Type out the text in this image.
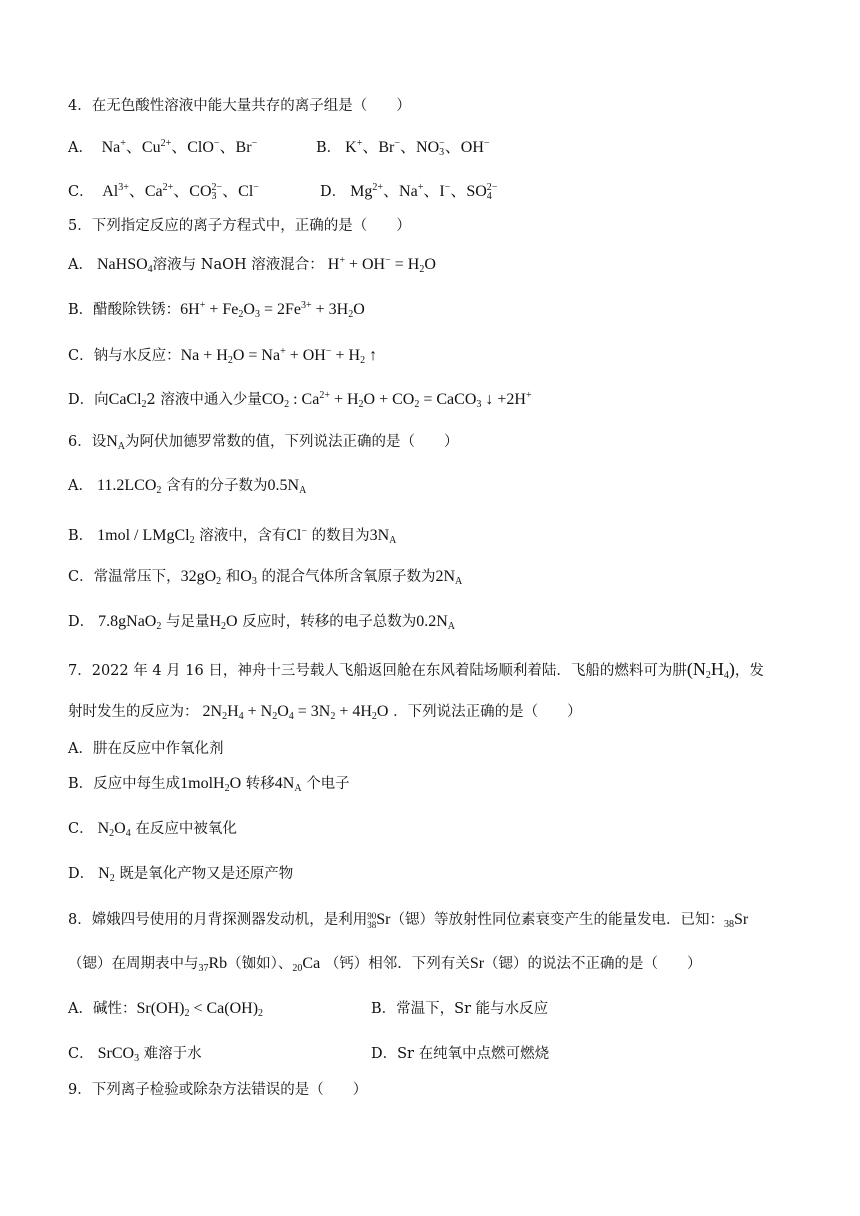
4．在无色酸性溶液中能大量共存的离子组是（　　）
A．  Na+、$Cu^{2+}$、ClO−、Br−	B． K+、Br−、$NO_3^-$、OH−
C．  $Al^{3+}$、$Ca^{2+}$、$CO_3^{2-}$、Cl−	D． $Mg^{2+}$、Na+、I−、$SO_4^{2-}$
5．下列指定反应的离子方程式中，正确的是（　　）
A． NaHSO$_4$溶液与 NaOH 溶液混合： $H^+ + OH^- = H_2O$
B．醋酸除铁锈：$6H^+ + Fe_2O_3 = 2Fe^{3+} + 3H_2O$
C．钠与水反应：$Na + H_2O = Na^+ + OH^- + H_2$ ↑
D．向CaCl$_2$2 溶液中通入少量$CO_2$ : $Ca^{2+} + H_2O + CO_2$ = CaCO$_3$ ↓ +2H+
6．设$N_A$为阿伏加德罗常数的值，下列说法正确的是（　　）
A． $11.2LCO_2$ 含有的分子数为$0.5N_A$
B． 1mol / LMgCl$_2$ 溶液中，含有Cl− 的数目为$3N_A$
C．常温常压下，$32gO_2$ 和$O_3$ 的混合气体所含氧原子数为$2N_A$
D． 7.8gNaO$_2$ 与足量$H_2O$ 反应时，转移的电子总数为$0.2N_A$
7．2022 年 4 月 16 日，神舟十三号载人飞船返回舱在东风着陆场顺利着陆．飞船的燃料可为肼$(N_2H_4)$，发
射时发生的反应为： $2N_2H_4 + N_2O_4 = 3N_2 + 4H_2O$ ．下列说法正确的是（　　）
A．肼在反应中作氧化剂
B．反应中每生成1molH$_2$O 转移$4N_A$ 个电子
C． $N_2O_4$ 在反应中被氧化
D． $N_2$ 既是氧化产物又是还原产物
8．嫦娥四号使用的月背探测器发动机，是利用90
38Sr（锶）等放射性同位素衰变产生的能量发电．已知：$_{38}$Sr
（锶）在周期表中与$_{37}$Rb（铷如）、$_{20}$Ca （钙）相邻．下列有关Sr（锶）的说法不正确的是（　　）
A．碱性：$Sr(OH)_2 < Ca(OH)_2$	B．常温下，Sr 能与水反应
C． SrCO$_3$ 难溶于水	D．Sr 在纯氧中点燃可燃烧
9．下列离子检验或除杂方法错误的是（　　）
